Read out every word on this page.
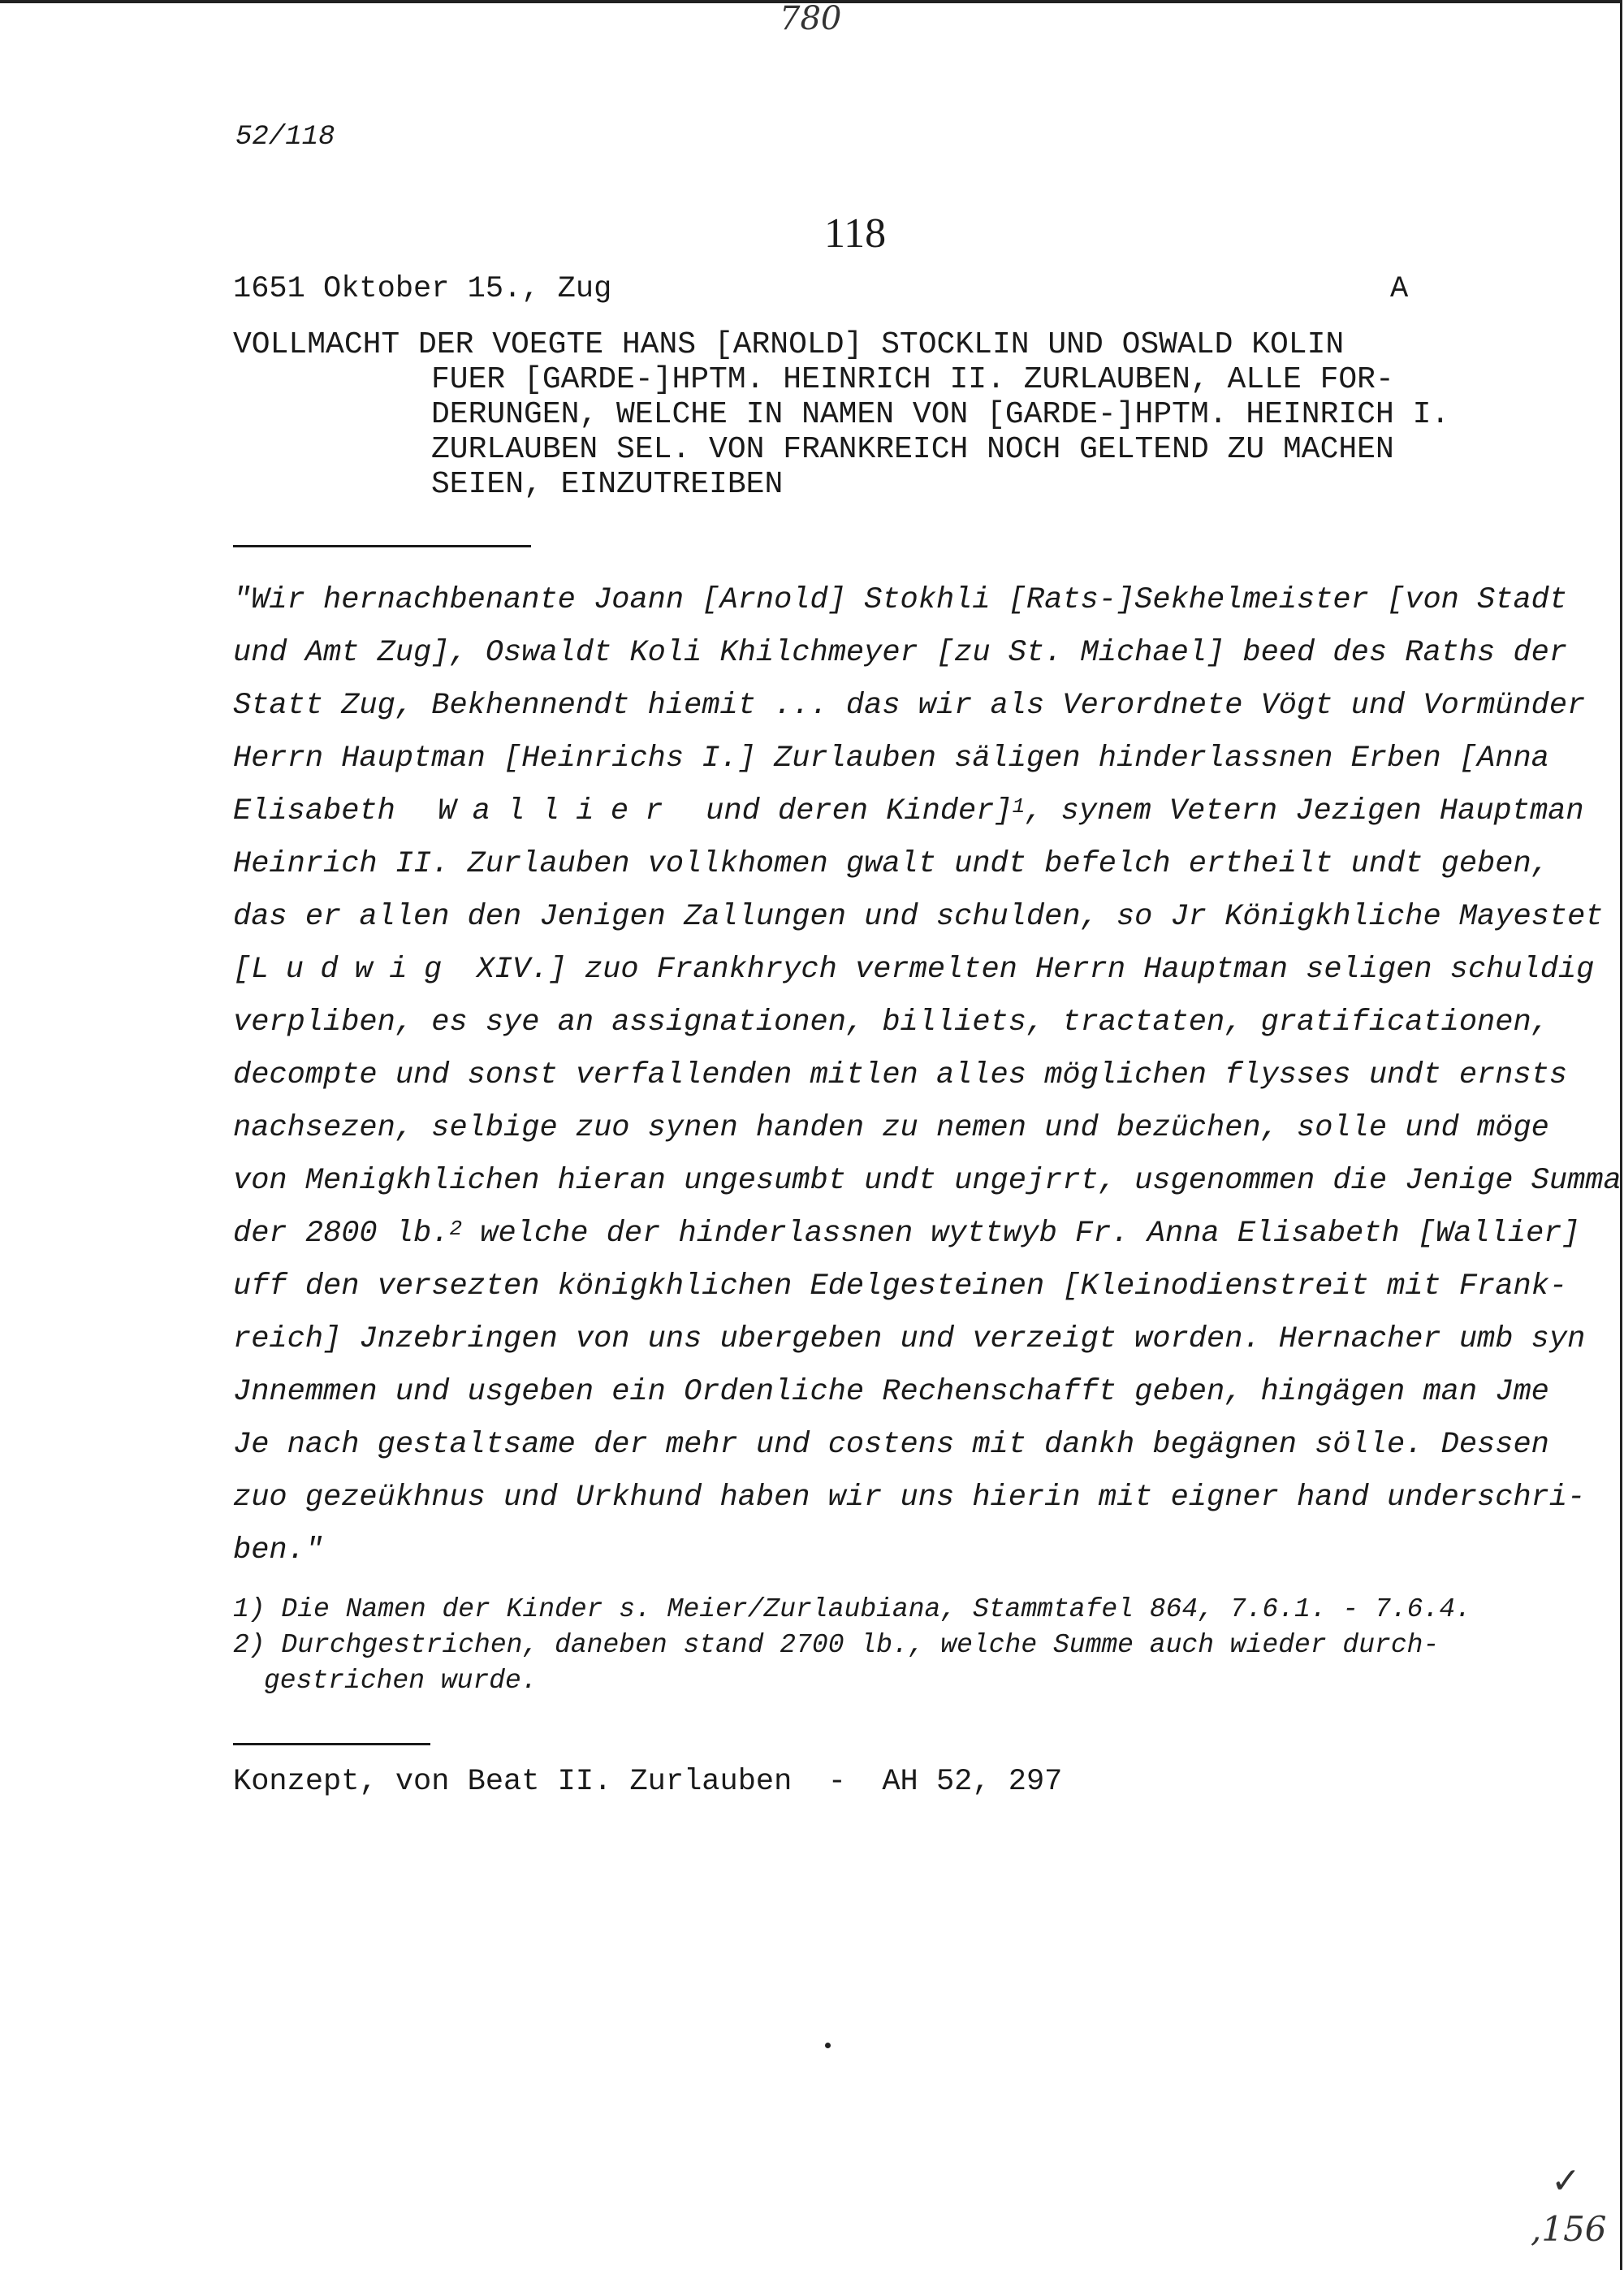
780
52/118
118
1651 Oktober 15., Zug	A
VOLLMACHT DER VOEGTE HANS [ARNOLD] STOCKLIN UND OSWALD KOLIN
FUER [GARDE-]HPTM. HEINRICH II. ZURLAUBEN, ALLE FOR-
DERUNGEN, WELCHE IN NAMEN VON [GARDE-]HPTM. HEINRICH I.
ZURLAUBEN SEL. VON FRANKREICH NOCH GELTEND ZU MACHEN
SEIEN, EINZUTREIBEN
"Wir hernachbenante Joann [Arnold] Stokhli [Rats-]Sekhelmeister [von Stadt
und Amt Zug], Oswaldt Koli Khilchmeyer [zu St. Michael] beed des Raths der
Statt Zug, Bekhennendt hiemit ... das wir als Verordnete Vögt und Vormünder
Herrn Hauptman [Heinrichs I.] Zurlauben säligen hinderlassnen Erben [Anna
Elisabeth Wallier und deren Kinder]$^1$, synem Vetern Jezigen Hauptman
Heinrich II. Zurlauben vollkhomen gwalt undt befelch ertheilt undt geben,
das er allen den Jenigen Zallungen und schulden, so Jr Königkhliche Mayestet
[Ludwig XIV.] zuo Frankhrych vermelten Herrn Hauptman seligen schuldig
verpliben, es sye an assignationen, billiets, tractaten, gratificationen,
decompte und sonst verfallenden mitlen alles möglichen flysses undt ernsts
nachsezen, selbige zuo synen handen zu nemen und bezüchen, solle und möge
von Menigkhlichen hieran ungesumbt undt ungejrrt, usgenommen die Jenige Summa
der 2800 lb.$^2$ welche der hinderlassnen wyttwyb Fr. Anna Elisabeth [Wallier]
uff den versezten königkhlichen Edelgesteinen [Kleinodienstreit mit Frank-
reich] Jnzebringen von uns ubergeben und verzeigt worden. Hernacher umb syn
Jnnemmen und usgeben ein Ordenliche Rechenschafft geben, hingägen man Jme
Je nach gestaltsame der mehr und costens mit dankh begägnen sölle. Dessen
zuo gezeükhnus und Urkhund haben wir uns hierin mit eigner hand underschri-
ben."
1) Die Namen der Kinder s. Meier/Zurlaubiana, Stammtafel 864, 7.6.1. - 7.6.4.
2) Durchgestrichen, daneben stand 2700 lb., welche Summe auch wieder durch-
gestrichen wurde.
Konzept, von Beat II. Zurlauben  -  AH 52, 297
✓
,156
